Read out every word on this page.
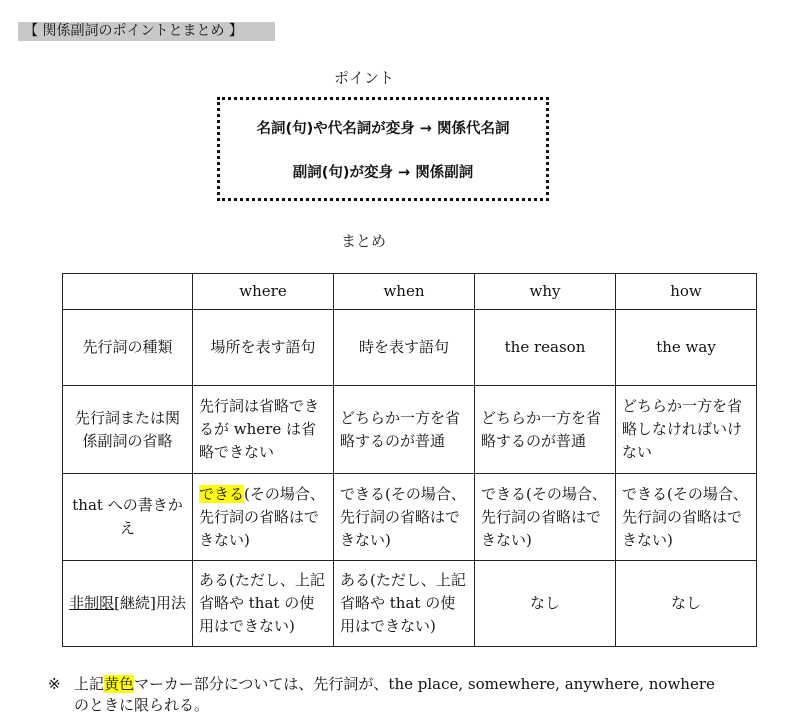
【 関係副詞のポイントとまとめ 】
ポイント
名詞(句)や代名詞が変身 → 関係代名詞
副詞(句)が変身 → 関係副詞
まとめ
	where	when	why	how
先行詞の種類	場所を表す語句	時を表す語句	the reason	the way
先行詞または関係副詞の省略	先行詞は省略できるが where は省略できない	どちらか一方を省略するのが普通	どちらか一方を省略するのが普通	どちらか一方を省略しなければいけない
that への書きかえ	できる(その場合、先行詞の省略はできない)	できる(その場合、先行詞の省略はできない)	できる(その場合、先行詞の省略はできない)	できる(その場合、先行詞の省略はできない)
非制限[継続]用法	ある(ただし、上記省略や that の使用はできない)	ある(ただし、上記省略や that の使用はできない)	なし	なし
※ 上記黄色マーカー部分については、先行詞が、the place, somewhere, anywhere, nowhere
のときに限られる。
